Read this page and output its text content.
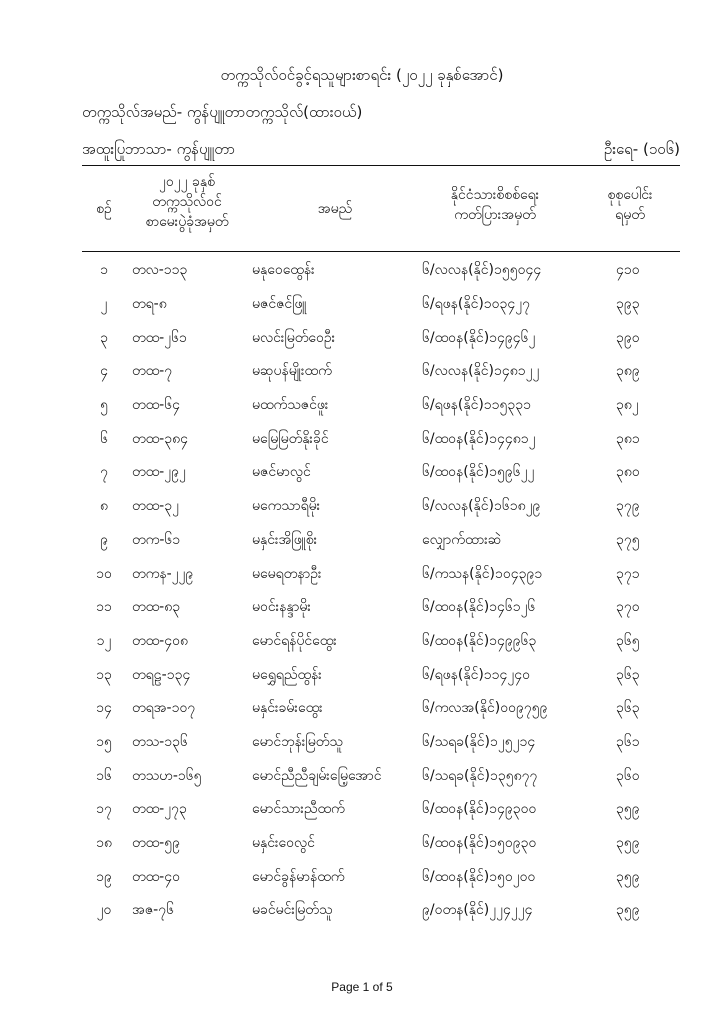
တက္ကသိုလ်ဝင်ခွင့်ရသူများစာရင်း (၂၀၂၂ ခုနှစ်အောင်)
တက္ကသိုလ်အမည်- ကွန်ပျူတာတက္ကသိုလ်(ထားဝယ်)
အထူးပြုဘာသာ- ကွန်ပျူတာ	ဦးရေ- (၁၀၆)
စဉ်
၂၀၂၂ ခုနှစ်
တက္ကသိုလ်ဝင်
စာမေးပွဲခုံအမှတ်
အမည်
နိုင်ငံသားစိစစ်ရေး
ကတ်ပြားအမှတ်
စုစုပေါင်း
ရမှတ်
၁	တလ-၁၁၃	မနုဝေထွေန်း	၆/လလန(နိုင်)၁၅၅၀၄၄	၄၁၀
၂	တရ-၈	မဇင်ဇင်ဖြူ	၆/ရဖန(နိုင်)၁၀၃၄၂၇	၃၉၃
၃	တထ-၂၆၁	မလင်းမြတ်ဝေဦး	၆/ထဝန(နိုင်)၁၄၉၄၆၂	၃၉၀
၄	တထ-၇	မဆုပန်မျိုးထက်	၆/လလန(နိုင်)၁၄၈၁၂၂	၃၈၉
၅	တထ-၆၄	မထက်သဇင်ဖူး	၆/ရဖန(နိုင်)၁၁၅၃၃၁	၃၈၂
၆	တထ-၃၈၄	မမြေမြတ်နိုးခိုင်	၆/ထဝန(နိုင်)၁၄၄၈၁၂	၃၈၁
၇	တထ-၂၉၂	မဇင်မာလွင်	၆/ထဝန(နိုင်)၁၅၉၆၂၂	၃၈၀
၈	တထ-၃၂	မကေသာရီမိုး	၆/လလန(နိုင်)၁၆၁၈၂၉	၃၇၉
၉	တက-၆၁	မနှင်းအိဖြူစိုး	လျှောက်ထားဆဲ	၃၇၅
၁၀	တကန-၂၂၉	မမေရတနာဦး	၆/ကသန(နိုင်)၁၀၄၃၉၁	၃၇၁
၁၁	တထ-၈၃	မဝင်းနန္ဒာမိုး	၆/ထဝန(နိုင်)၁၄၆၁၂၆	၃၇၀
၁၂	တထ-၄၀၈	မောင်ရန်ပိုင်ထွေး	၆/ထဝန(နိုင်)၁၄၉၉၆၃	၃၆၅
၁၃	တရဠ-၁၃၄	မရွှေရည်ထွန်း	၆/ရဖန(နိုင်)၁၁၄၂၄၀	၃၆၃
၁၄	တရအ-၁၀၇	မနှင်းခမ်းထွေး	၆/ကလအ(နိုင်)၀၀၉၇၅၉	၃၆၃
၁၅	တသ-၁၃၆	မောင်ဘုန်းမြတ်သူ	၆/သရခ(နိုင်)၁၂၅၂၁၄	၃၆၁
၁၆	တသဟ-၁၆၅	မောင်ညီညီချမ်းမြေ့အောင်	၆/သရခ(နိုင်)၁၃၅၈၇၇	၃၆၀
၁၇	တထ-၂၇၃	မောင်သားညီထက်	၆/ထဝန(နိုင်)၁၄၉၃၀၀	၃၅၉
၁၈	တထ-၅၉	မနှင်းဝေလွင်	၆/ထဝန(နိုင်)၁၅၀၉၃၀	၃၅၉
၁၉	တထ-၄၀	မောင်ခွန်မာန်ထက်	၆/ထဝန(နိုင်)၁၅၀၂၀၀	၃၅၉
၂၀	အဇ-၇၆	မခင်မင်းမြတ်သူ	၉/ဝတန(နိုင်)၂၂၄၂၂၄	၃၅၉
Page 1 of 5
